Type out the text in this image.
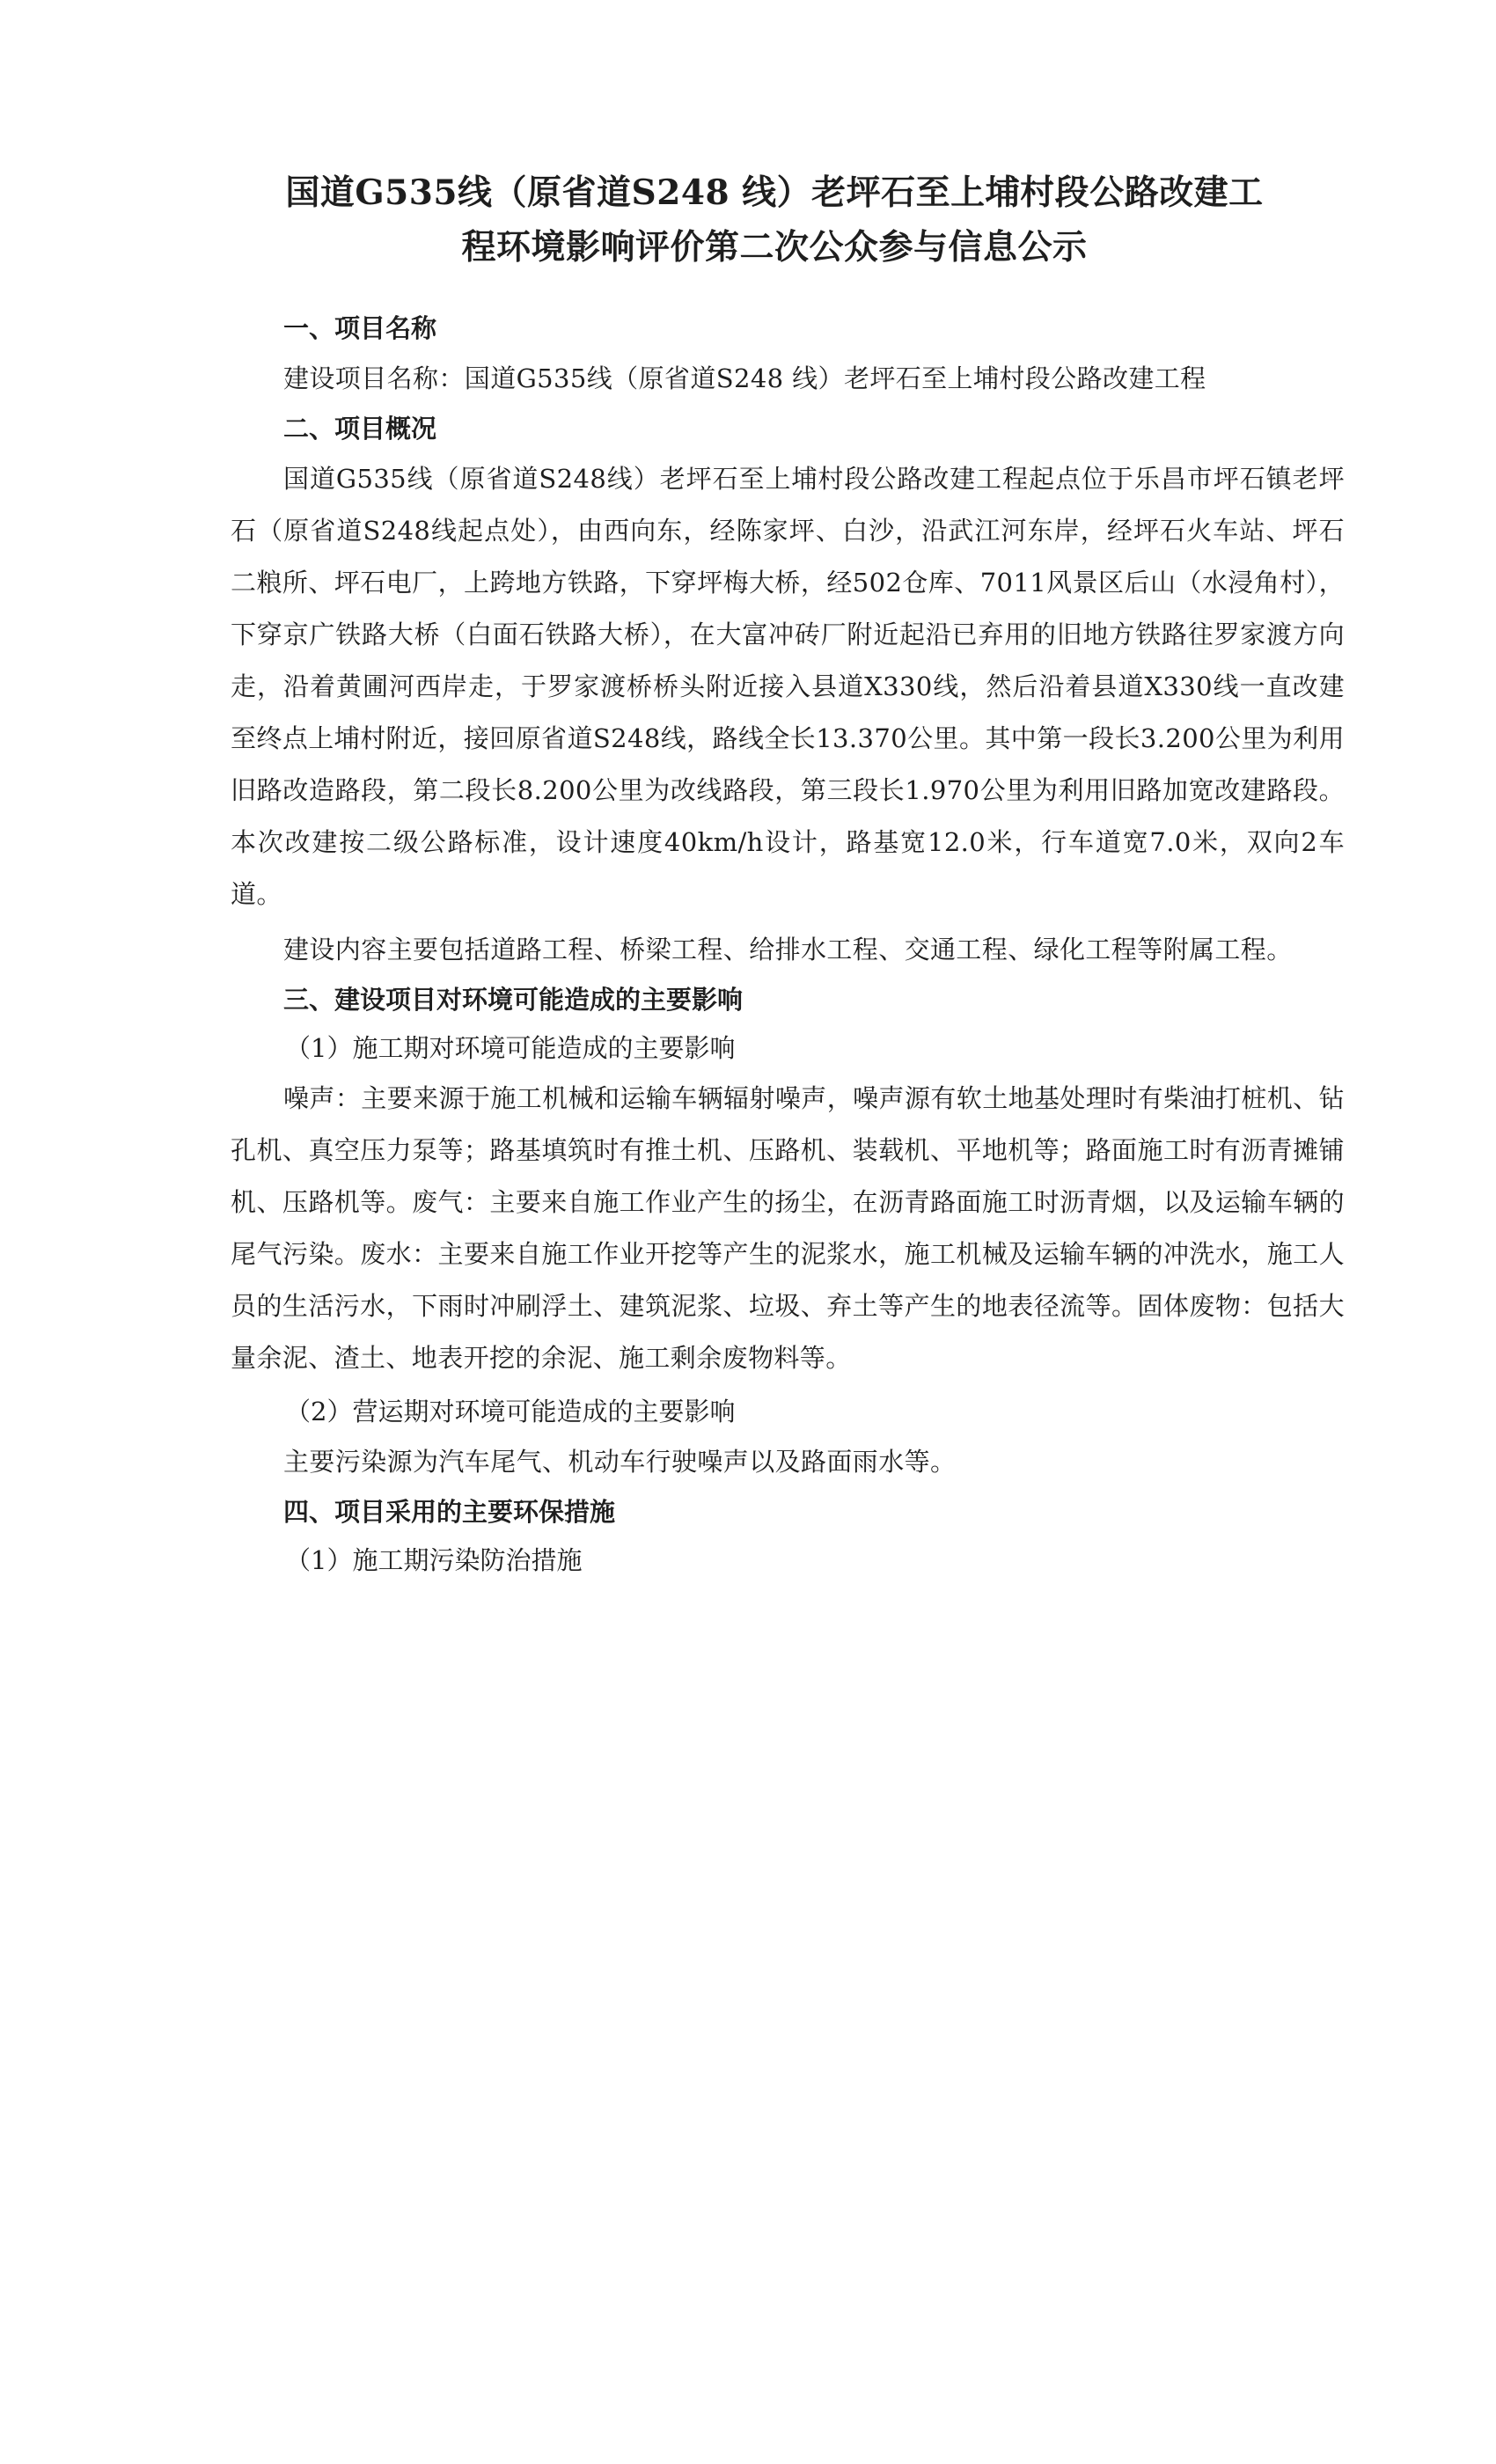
国道G535线（原省道S248 线）老坪石至上埔村段公路改建工
程环境影响评价第二次公众参与信息公示

一、项目名称

建设项目名称：国道G535线（原省道S248 线）老坪石至上埔村段公路改建工程

二、项目概况

国道G535线（原省道S248线）老坪石至上埔村段公路改建工程起点位于乐昌市坪石镇老坪石（原省道S248线起点处），由西向东，经陈家坪、白沙，沿武江河东岸，经坪石火车站、坪石二粮所、坪石电厂，上跨地方铁路，下穿坪梅大桥，经502仓库、7011风景区后山（水浸角村），下穿京广铁路大桥（白面石铁路大桥），在大富冲砖厂附近起沿已弃用的旧地方铁路往罗家渡方向走，沿着黄圃河西岸走，于罗家渡桥桥头附近接入县道X330线，然后沿着县道X330线一直改建至终点上埔村附近，接回原省道S248线，路线全长13.370公里。其中第一段长3.200公里为利用旧路改造路段，第二段长8.200公里为改线路段，第三段长1.970公里为利用旧路加宽改建路段。本次改建按二级公路标准，设计速度40km/h设计，路基宽12.0米，行车道宽7.0米，双向2车道。

建设内容主要包括道路工程、桥梁工程、给排水工程、交通工程、绿化工程等附属工程。

三、建设项目对环境可能造成的主要影响

（1）施工期对环境可能造成的主要影响

噪声：主要来源于施工机械和运输车辆辐射噪声，噪声源有软土地基处理时有柴油打桩机、钻孔机、真空压力泵等；路基填筑时有推土机、压路机、装载机、平地机等；路面施工时有沥青摊铺机、压路机等。废气：主要来自施工作业产生的扬尘，在沥青路面施工时沥青烟，以及运输车辆的尾气污染。废水：主要来自施工作业开挖等产生的泥浆水，施工机械及运输车辆的冲洗水，施工人员的生活污水，下雨时冲刷浮土、建筑泥浆、垃圾、弃土等产生的地表径流等。固体废物：包括大量余泥、渣土、地表开挖的余泥、施工剩余废物料等。

（2）营运期对环境可能造成的主要影响

主要污染源为汽车尾气、机动车行驶噪声以及路面雨水等。

四、项目采用的主要环保措施

（1）施工期污染防治措施
